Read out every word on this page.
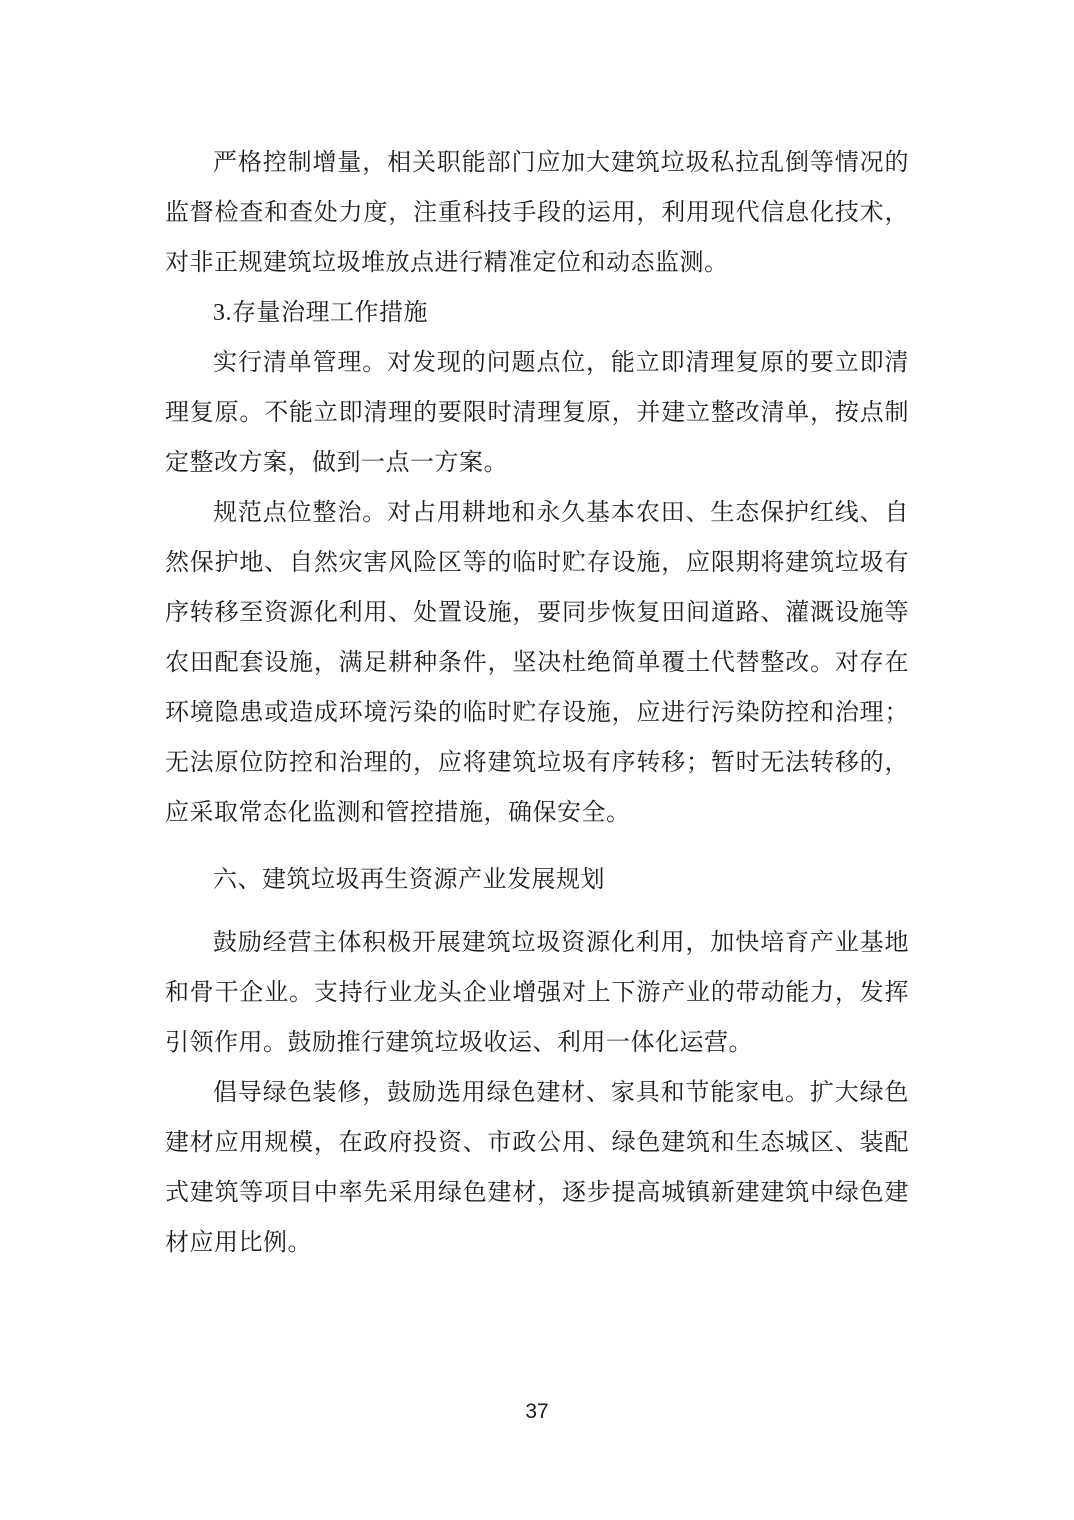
严格控制增量，相关职能部门应加大建筑垃圾私拉乱倒等情况的监督检查和查处力度，注重科技手段的运用，利用现代信息化技术，对非正规建筑垃圾堆放点进行精准定位和动态监测。

3.存量治理工作措施

实行清单管理。对发现的问题点位，能立即清理复原的要立即清理复原。不能立即清理的要限时清理复原，并建立整改清单，按点制定整改方案，做到一点一方案。

规范点位整治。对占用耕地和永久基本农田、生态保护红线、自然保护地、自然灾害风险区等的临时贮存设施，应限期将建筑垃圾有序转移至资源化利用、处置设施，要同步恢复田间道路、灌溉设施等农田配套设施，满足耕种条件，坚决杜绝简单覆土代替整改。对存在环境隐患或造成环境污染的临时贮存设施，应进行污染防控和治理；无法原位防控和治理的，应将建筑垃圾有序转移；暂时无法转移的，应采取常态化监测和管控措施，确保安全。

六、建筑垃圾再生资源产业发展规划

鼓励经营主体积极开展建筑垃圾资源化利用，加快培育产业基地和骨干企业。支持行业龙头企业增强对上下游产业的带动能力，发挥引领作用。鼓励推行建筑垃圾收运、利用一体化运营。

倡导绿色装修，鼓励选用绿色建材、家具和节能家电。扩大绿色建材应用规模，在政府投资、市政公用、绿色建筑和生态城区、装配式建筑等项目中率先采用绿色建材，逐步提高城镇新建建筑中绿色建材应用比例。

37
